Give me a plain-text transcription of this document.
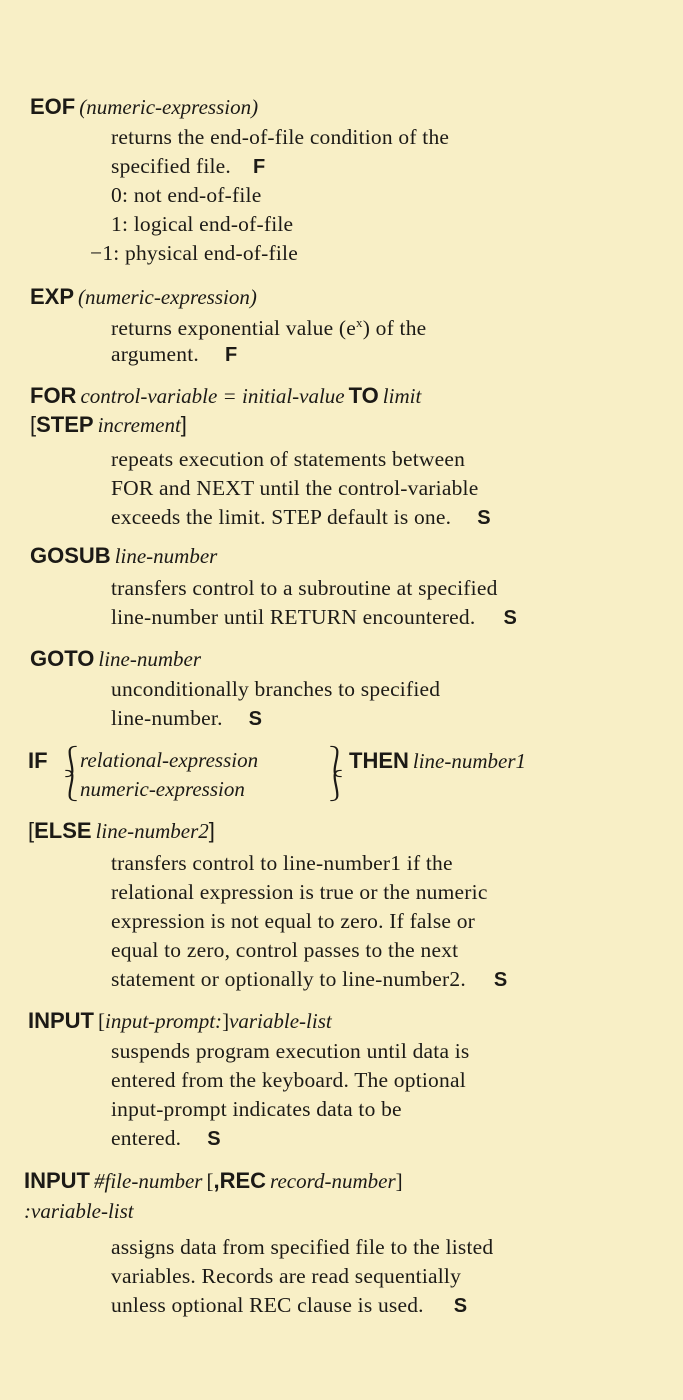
EOF (numeric-expression)
returns the end-of-file condition of the
specified file. F
0: not end-of-file
1: logical end-of-file
−1: physical end-of-file
EXP (numeric-expression)
returns exponential value $(e^x)$ of the
argument. F
FOR control-variable = initial-value TO limit
[STEP increment]
repeats execution of statements between
FOR and NEXT until the control-variable
exceeds the limit. STEP default is one. S
GOSUB line-number
transfers control to a subroutine at specified
line-number until RETURN encountered. S
GOTO line-number
unconditionally branches to specified
line-number. S
IF ⎰
⎱
relational-expression
numeric-expression
⎱
⎰
THEN line-number1
[ELSE line-number2]
transfers control to line-number1 if the
relational expression is true or the numeric
expression is not equal to zero. If false or
equal to zero, control passes to the next
statement or optionally to line-number2. S
INPUT [input-prompt:]variable-list
suspends program execution until data is
entered from the keyboard. The optional
input-prompt indicates data to be
entered. S
INPUT #file-number [,REC record-number]
:variable-list
assigns data from specified file to the listed
variables. Records are read sequentially
unless optional REC clause is used. S
